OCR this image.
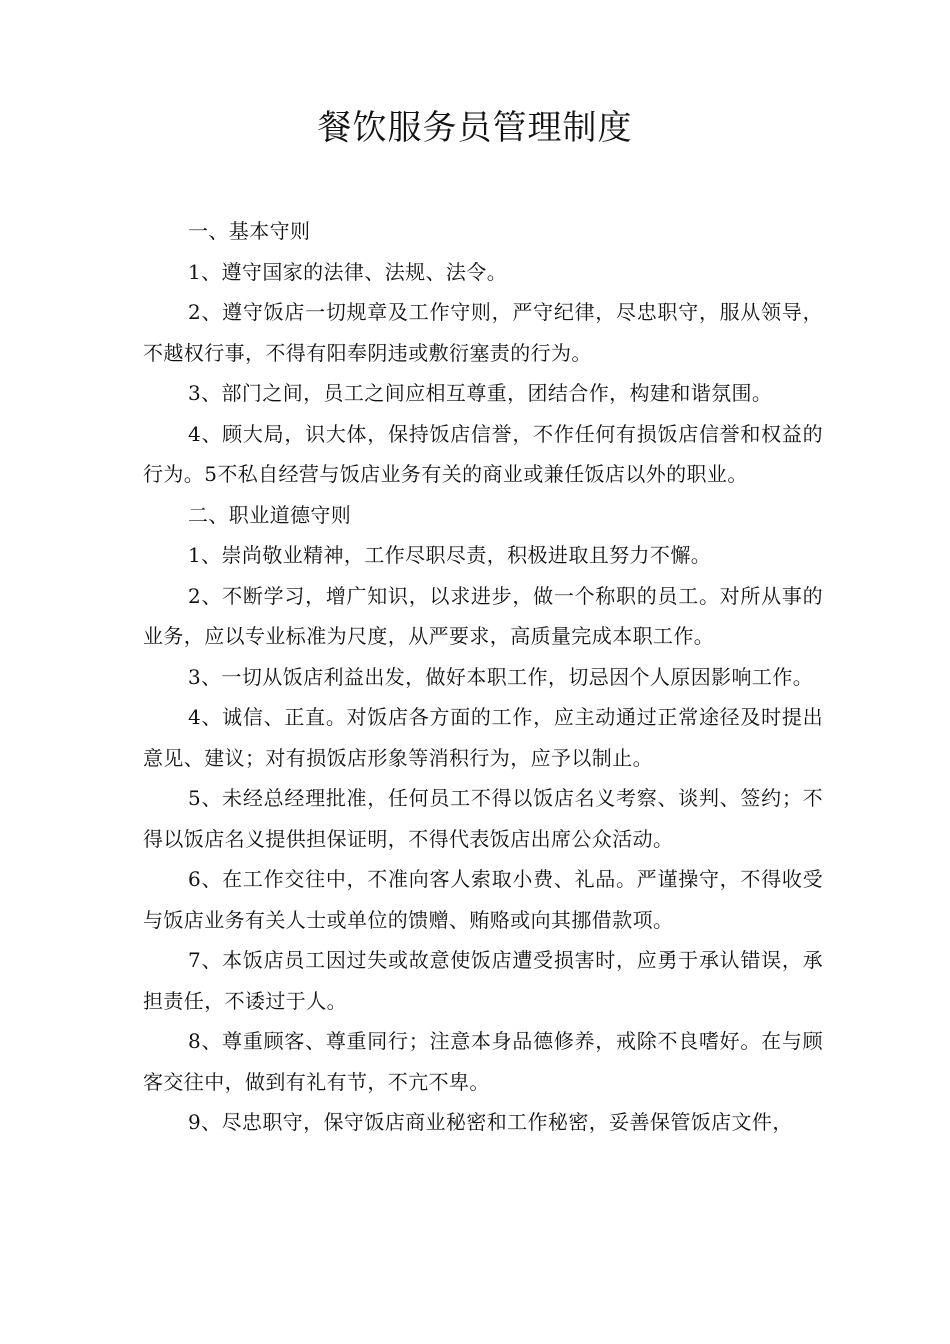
餐饮服务员管理制度

一、基本守则

1、遵守国家的法律、法规、法令。

2、遵守饭店一切规章及工作守则，严守纪律，尽忠职守，服从领导，不越权行事，不得有阳奉阴违或敷衍塞责的行为。

3、部门之间，员工之间应相互尊重，团结合作，构建和谐氛围。

4、顾大局，识大体，保持饭店信誉，不作任何有损饭店信誉和权益的行为。5不私自经营与饭店业务有关的商业或兼任饭店以外的职业。

二、职业道德守则

1、崇尚敬业精神，工作尽职尽责，积极进取且努力不懈。

2、不断学习，增广知识，以求进步，做一个称职的员工。对所从事的业务，应以专业标准为尺度，从严要求，高质量完成本职工作。

3、一切从饭店利益出发，做好本职工作，切忌因个人原因影响工作。

4、诚信、正直。对饭店各方面的工作，应主动通过正常途径及时提出意见、建议；对有损饭店形象等消积行为，应予以制止。

5、未经总经理批准，任何员工不得以饭店名义考察、谈判、签约；不得以饭店名义提供担保证明，不得代表饭店出席公众活动。

6、在工作交往中，不准向客人索取小费、礼品。严谨操守，不得收受与饭店业务有关人士或单位的馈赠、贿赂或向其挪借款项。

7、本饭店员工因过失或故意使饭店遭受损害时，应勇于承认错误，承担责任，不诿过于人。

8、尊重顾客、尊重同行；注意本身品德修养，戒除不良嗜好。在与顾客交往中，做到有礼有节，不亢不卑。

9、尽忠职守，保守饭店商业秘密和工作秘密，妥善保管饭店文件，
